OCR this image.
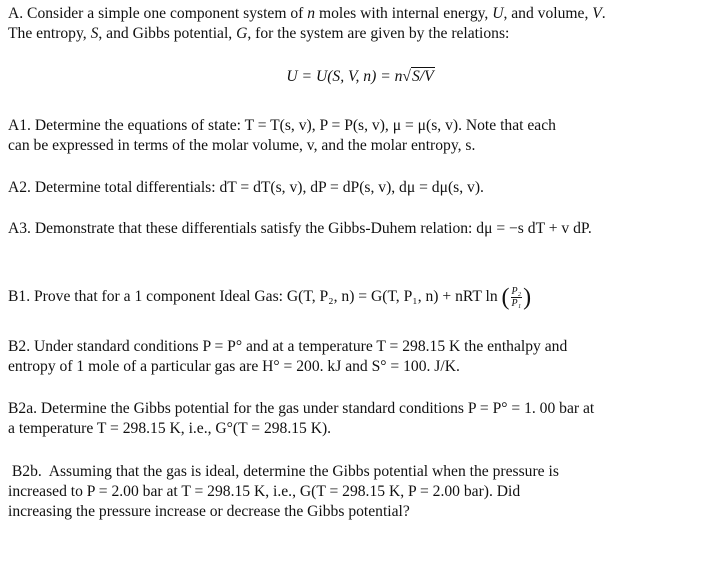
A. Consider a simple one component system of n moles with internal energy, U, and volume, V.
The entropy, S, and Gibbs potential, G, for the system are given by the relations:
U = U(S, V, n) = n√S/V
A1. Determine the equations of state: T = T(s, v), P = P(s, v), μ = μ(s, v). Note that each
can be expressed in terms of the molar volume, v, and the molar entropy, s.
A2. Determine total differentials: dT = dT(s, v), dP = dP(s, v), dμ = dμ(s, v).
A3. Demonstrate that these differentials satisfy the Gibbs-Duhem relation: dμ = −s dT + v dP.
B1. Prove that for a 1 component Ideal Gas: G(T, P₂, n) = G(T, P₁, n) + nRT ln ( $\frac{\text{P₂}}{\text{P₁}}$ )
B2. Under standard conditions P = P° and at a temperature T = 298.15 K the enthalpy and
entropy of 1 mole of a particular gas are H° = 200. kJ and S° = 100. J/K.
B2a. Determine the Gibbs potential for the gas under standard conditions P = P° = 1. 00 bar at
a temperature T = 298.15 K, i.e., G°(T = 298.15 K).
B2b.  Assuming that the gas is ideal, determine the Gibbs potential when the pressure is
increased to P = 2.00 bar at T = 298.15 K, i.e., G(T = 298.15 K, P = 2.00 bar). Did
increasing the pressure increase or decrease the Gibbs potential?
